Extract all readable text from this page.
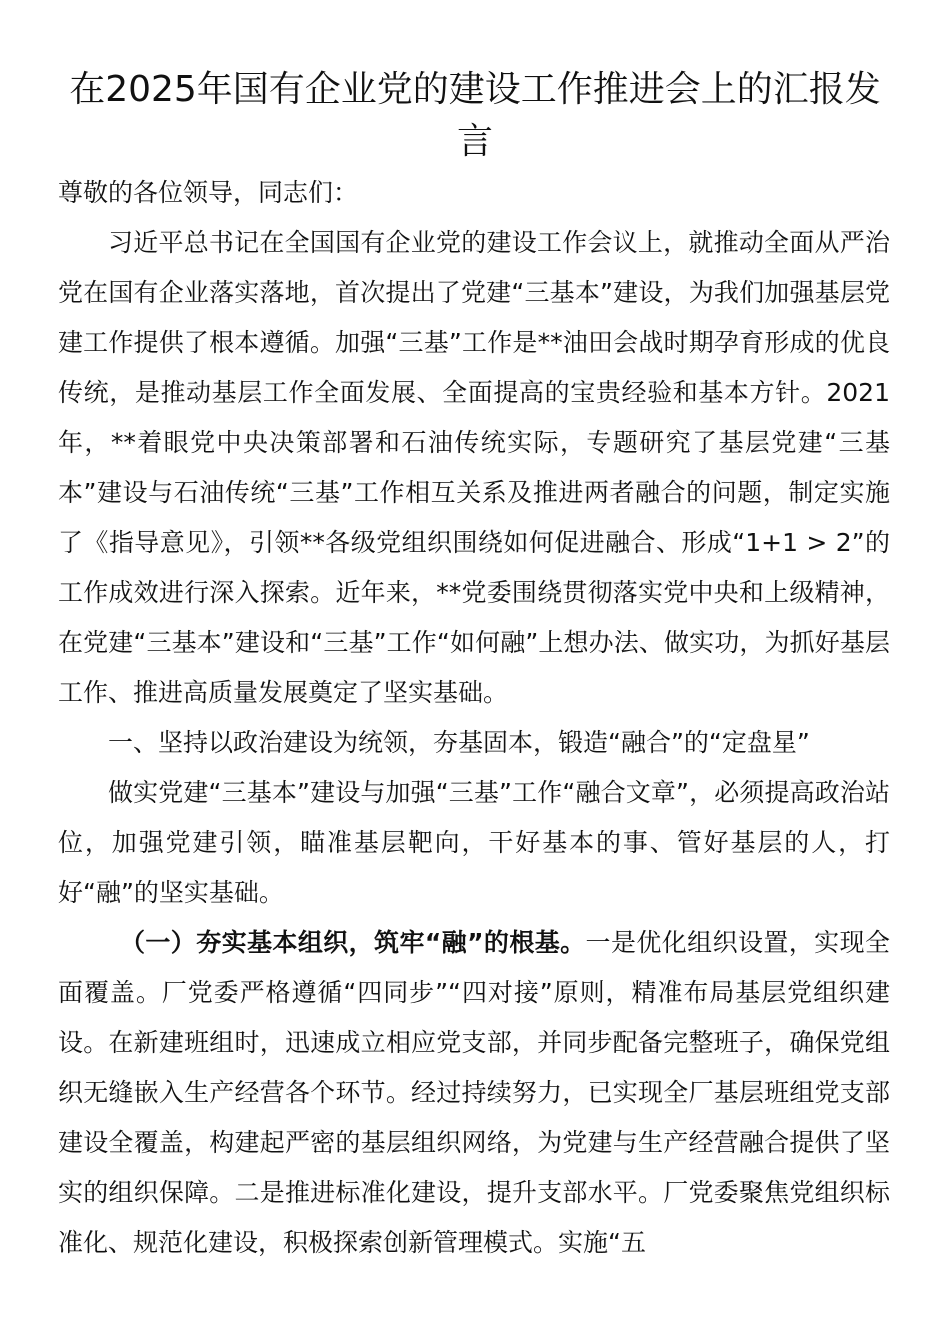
在2025年国有企业党的建设工作推进会上的汇报发言

尊敬的各位领导，同志们：

习近平总书记在全国国有企业党的建设工作会议上，就推动全面从严治党在国有企业落实落地，首次提出了党建“三基本”建设，为我们加强基层党建工作提供了根本遵循。加强“三基”工作是**油田会战时期孕育形成的优良传统，是推动基层工作全面发展、全面提高的宝贵经验和基本方针。2021年，**着眼党中央决策部署和石油传统实际，专题研究了基层党建“三基本”建设与石油传统“三基”工作相互关系及推进两者融合的问题，制定实施了《指导意见》，引领**各级党组织围绕如何促进融合、形成“1+1 > 2”的工作成效进行深入探索。近年来，**党委围绕贯彻落实党中央和上级精神，在党建“三基本”建设和“三基”工作“如何融”上想办法、做实功，为抓好基层工作、推进高质量发展奠定了坚实基础。

一、坚持以政治建设为统领，夯基固本，锻造“融合”的“定盘星”

做实党建“三基本”建设与加强“三基”工作“融合文章”，必须提高政治站位，加强党建引领，瞄准基层靶向，干好基本的事、管好基层的人，打好“融”的坚实基础。

（一）夯实基本组织，筑牢“融”的根基。一是优化组织设置，实现全面覆盖。厂党委严格遵循“四同步”“四对接”原则，精准布局基层党组织建设。在新建班组时，迅速成立相应党支部，并同步配备完整班子，确保党组织无缝嵌入生产经营各个环节。经过持续努力，已实现全厂基层班组党支部建设全覆盖，构建起严密的基层组织网络，为党建与生产经营融合提供了坚实的组织保障。二是推进标准化建设，提升支部水平。厂党委聚焦党组织标准化、规范化建设，积极探索创新管理模式。实施“五
